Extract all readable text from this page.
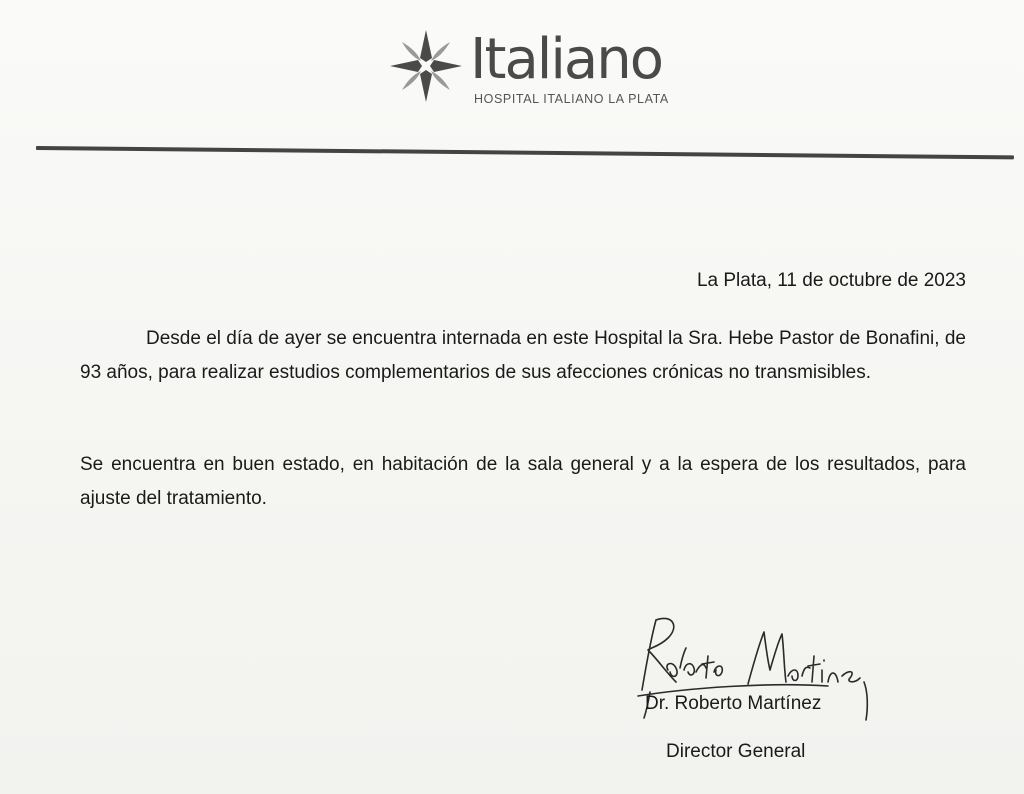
Italiano
HOSPITAL ITALIANO LA PLATA
La Plata, 11 de octubre de 2023

Desde el día de ayer se encuentra internada en este Hospital la Sra. Hebe Pastor de Bonafini, de 93 años, para realizar estudios complementarios de sus afecciones crónicas no transmisibles.

Se encuentra en buen estado, en habitación de la sala general y a la espera de los resultados, para ajuste del tratamiento.

Dr. Roberto Martínez
Director General
